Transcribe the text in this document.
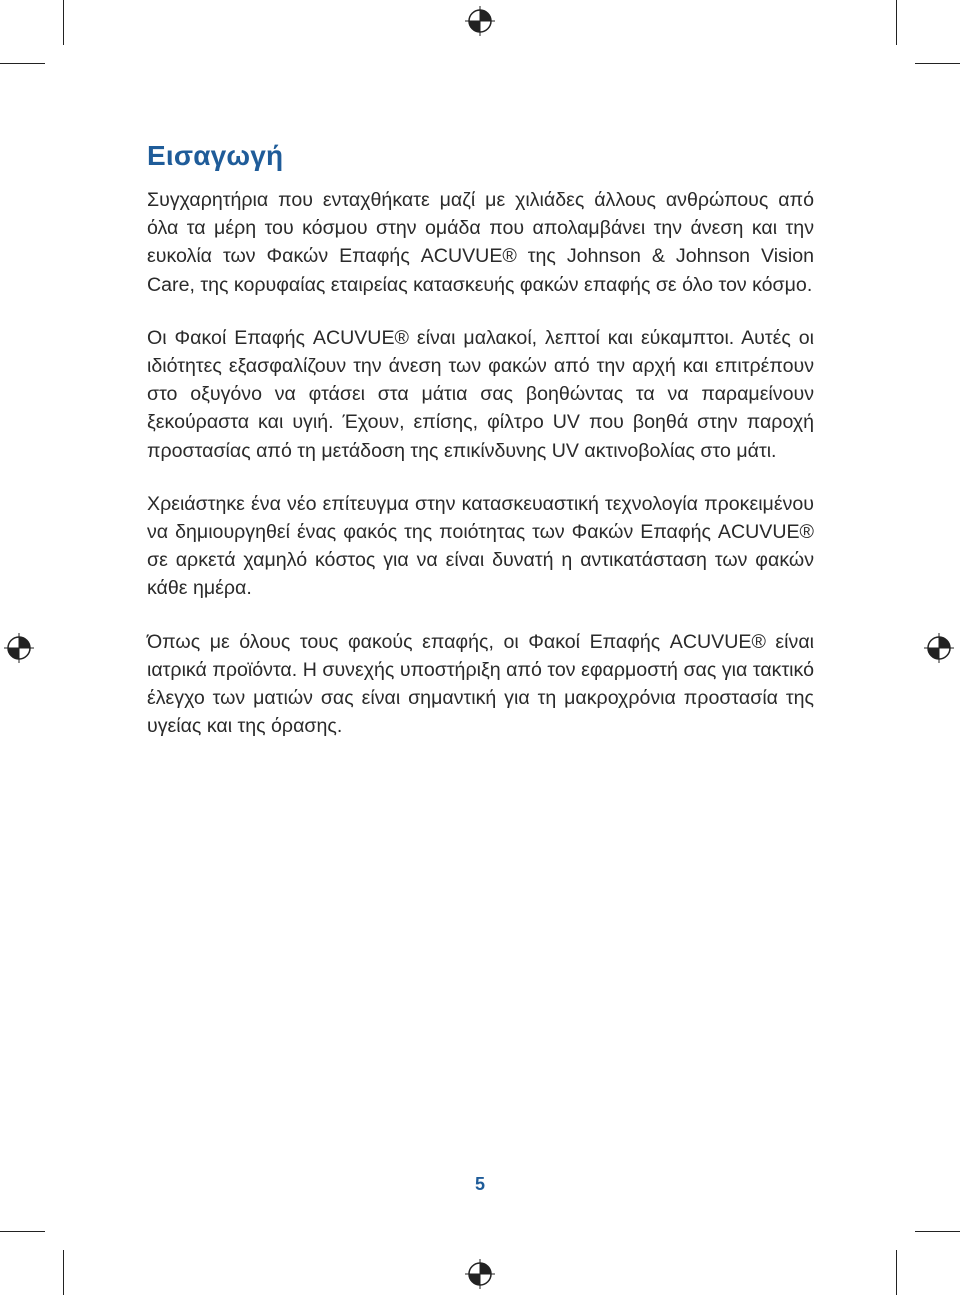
Εισαγωγή

Συγχαρητήρια που ενταχθήκατε μαζί με χιλιάδες άλλους ανθρώπους από όλα τα μέρη του κόσμου στην ομάδα που απολαμβάνει την άνεση και την ευκολία των Φακών Επαφής ACUVUE® της Johnson & Johnson Vision Care, της κορυφαίας εταιρείας κατασκευής φακών επαφής σε όλο τον κόσμο.

Οι Φακοί Επαφής ACUVUE® είναι μαλακοί, λεπτοί και εύκαμπτοι. Αυτές οι ιδιότητες εξασφαλίζουν την άνεση των φακών από την αρχή και επιτρέπουν στο οξυγόνο να φτάσει στα μάτια σας βοηθώντας τα να παραμείνουν ξεκούραστα και υγιή. Έχουν, επίσης, φίλτρο UV που βοηθά στην παροχή προστασίας από τη μετάδοση της επικίνδυνης UV ακτινοβολίας στο μάτι.

Χρειάστηκε ένα νέο επίτευγμα στην κατασκευαστική τεχνολογία προκειμένου να δημιουργηθεί ένας φακός της ποιότητας των Φακών Επαφής ACUVUE® σε αρκετά χαμηλό κόστος για να είναι δυνατή η αντικατάσταση των φακών κάθε ημέρα.

Όπως με όλους τους φακούς επαφής, οι Φακοί Επαφής ACUVUE® είναι ιατρικά προϊόντα. Η συνεχής υποστήριξη από τον εφαρμοστή σας για τακτικό έλεγχο των ματιών σας είναι σημαντική για τη μακροχρόνια προστασία της υγείας και της όρασης.

5
